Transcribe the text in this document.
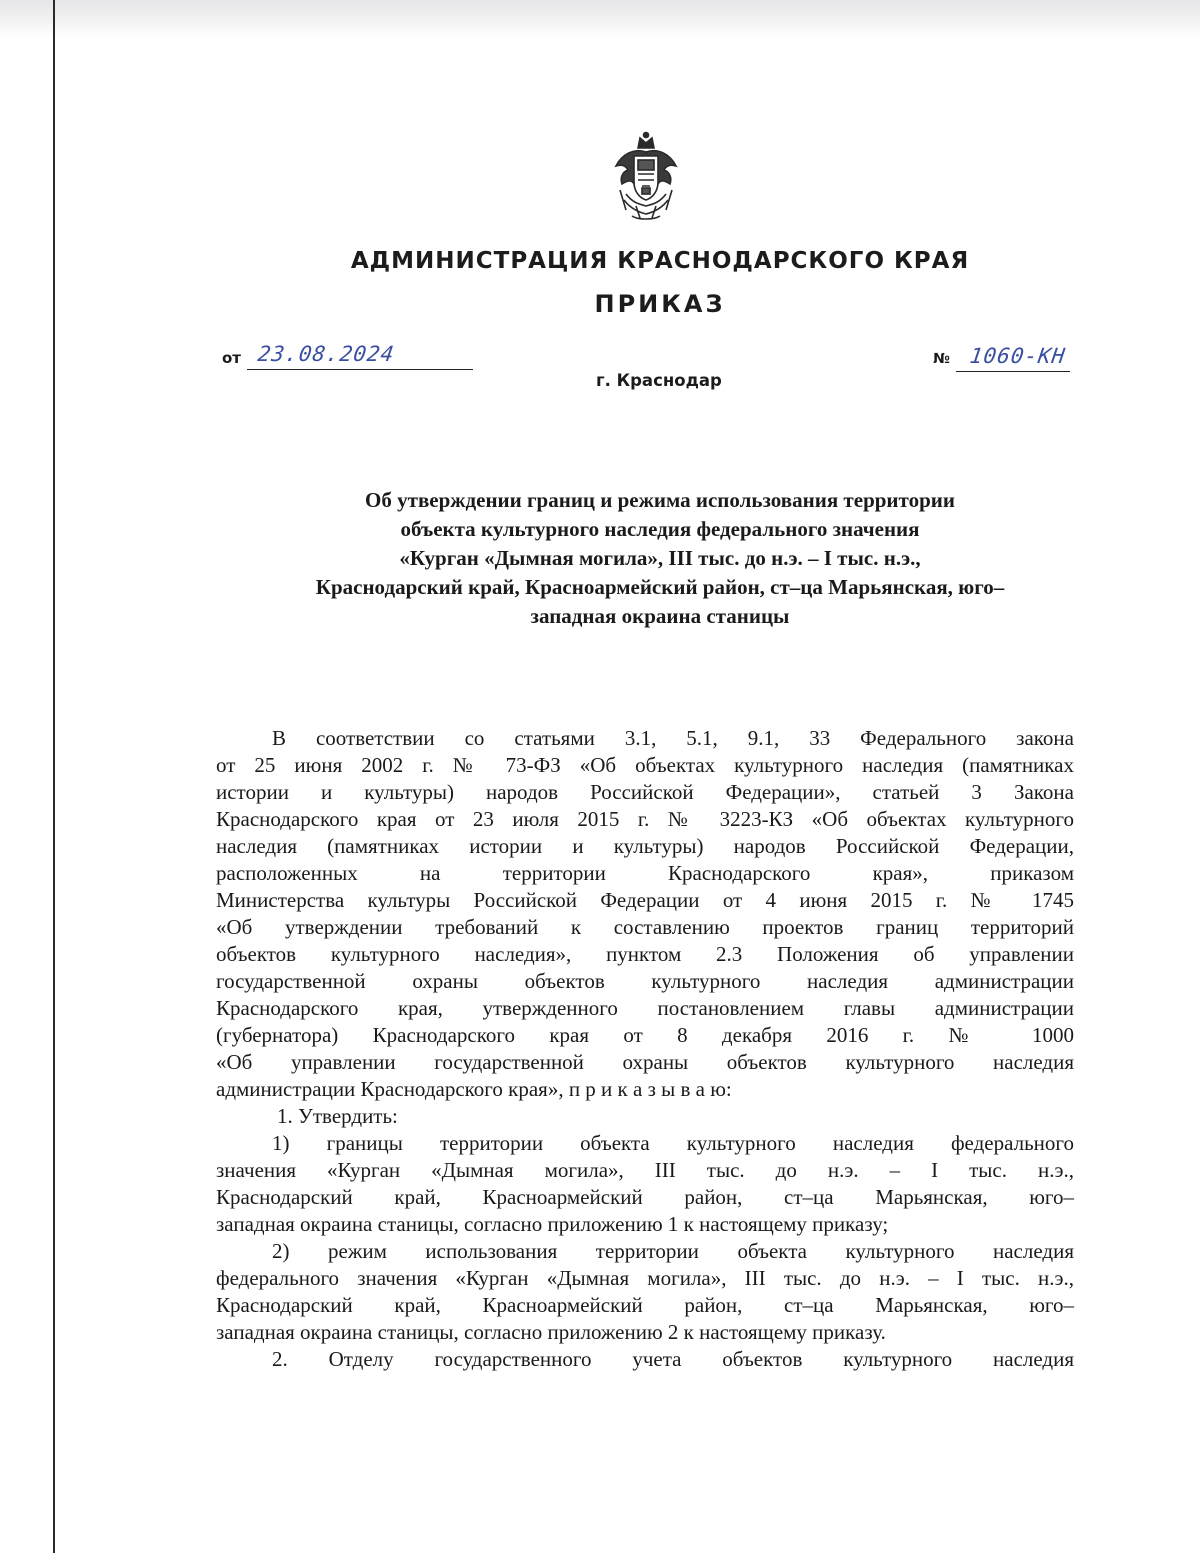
АДМИНИСТРАЦИЯ КРАСНОДАРСКОГО КРАЯ
ПРИКАЗ
от 23.08.2024
г. Краснодар
№ 1060-КН
Об утверждении границ и режима использования территории
объекта культурного наследия федерального значения
«Курган «Дымная могила», III тыс. до н.э. – I тыс. н.э.,
Краснодарский край, Красноармейский район, ст–ца Марьянская, юго–
западная окраина станицы
В соответствии со статьями 3.1, 5.1, 9.1, 33 Федерального закона
от 25 июня 2002 г. № 73-ФЗ «Об объектах культурного наследия (памятниках
истории и культуры) народов Российской Федерации», статьей 3 Закона
Краснодарского края от 23 июля 2015 г. № 3223-КЗ «Об объектах культурного
наследия (памятниках истории и культуры) народов Российской Федерации,
расположенных на территории Краснодарского края», приказом
Министерства культуры Российской Федерации от 4 июня 2015 г. № 1745
«Об утверждении требований к составлению проектов границ территорий
объектов культурного наследия», пунктом 2.3 Положения об управлении
государственной охраны объектов культурного наследия администрации
Краснодарского края, утвержденного постановлением главы администрации
(губернатора) Краснодарского края от 8 декабря 2016 г. № 1000
«Об управлении государственной охраны объектов культурного наследия
администрации Краснодарского края», п р и к а з ы в а ю:
1. Утвердить:
1) границы территории объекта культурного наследия федерального
значения «Курган «Дымная могила», III тыс. до н.э. – I тыс. н.э.,
Краснодарский край, Красноармейский район, ст–ца Марьянская, юго–
западная окраина станицы, согласно приложению 1 к настоящему приказу;
2) режим использования территории объекта культурного наследия
федерального значения «Курган «Дымная могила», III тыс. до н.э. – I тыс. н.э.,
Краснодарский край, Красноармейский район, ст–ца Марьянская, юго–
западная окраина станицы, согласно приложению 2 к настоящему приказу.
2. Отделу государственного учета объектов культурного наследия
